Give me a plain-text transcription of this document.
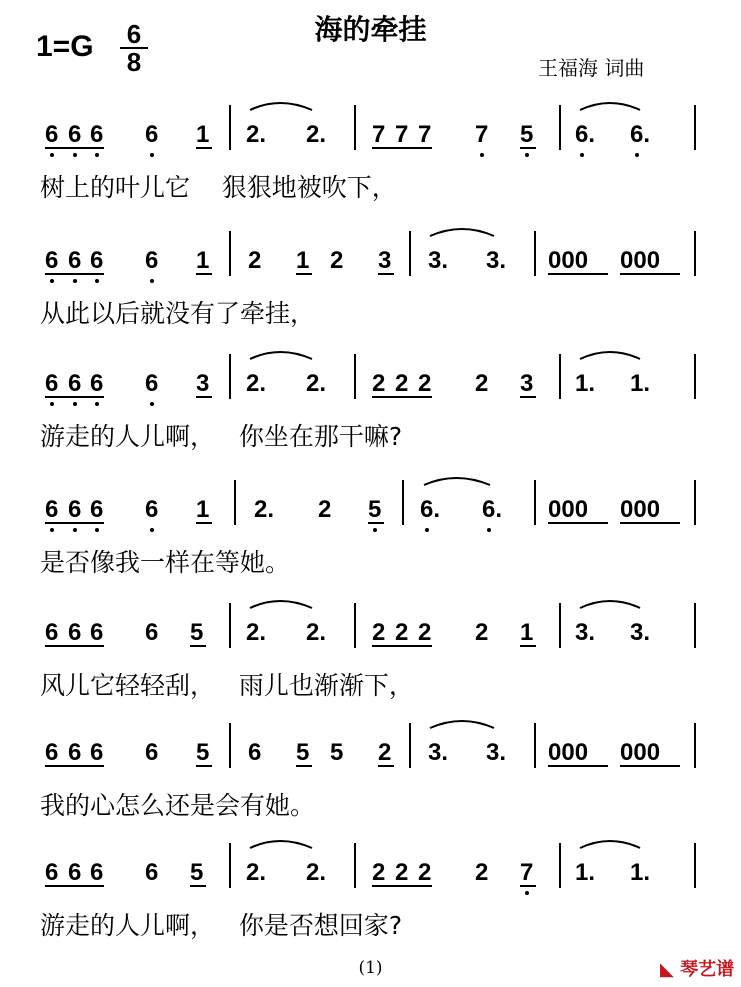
海的牵挂
1=G 6
8	王福海 词曲
6 6 6 6 1 2. 2. 7 7 7 7 5 6. 6.
树上的叶儿它    狠狠地被吹下，
6 6 6 6 1 2 1 2 3 3. 3. 000 000
从此以后就没有了牵挂，
6 6 6 6 3 2. 2. 2 2 2 2 3 1. 1.
游走的人儿啊，   你坐在那干嘛?
6 6 6 6 1 2. 2 5 6. 6. 000 000
是否像我一样在等她。
6 6 6 6 5 2. 2. 2 2 2 2 1 3. 3.
风儿它轻轻刮，   雨儿也渐渐下，
6 6 6 6 5 6 5 5 2 3. 3. 000 000
我的心怎么还是会有她。
6 6 6 6 5 2. 2. 2 2 2 2 7 1. 1.
游走的人儿啊，   你是否想回家?
(1)	◣ 琴艺谱
